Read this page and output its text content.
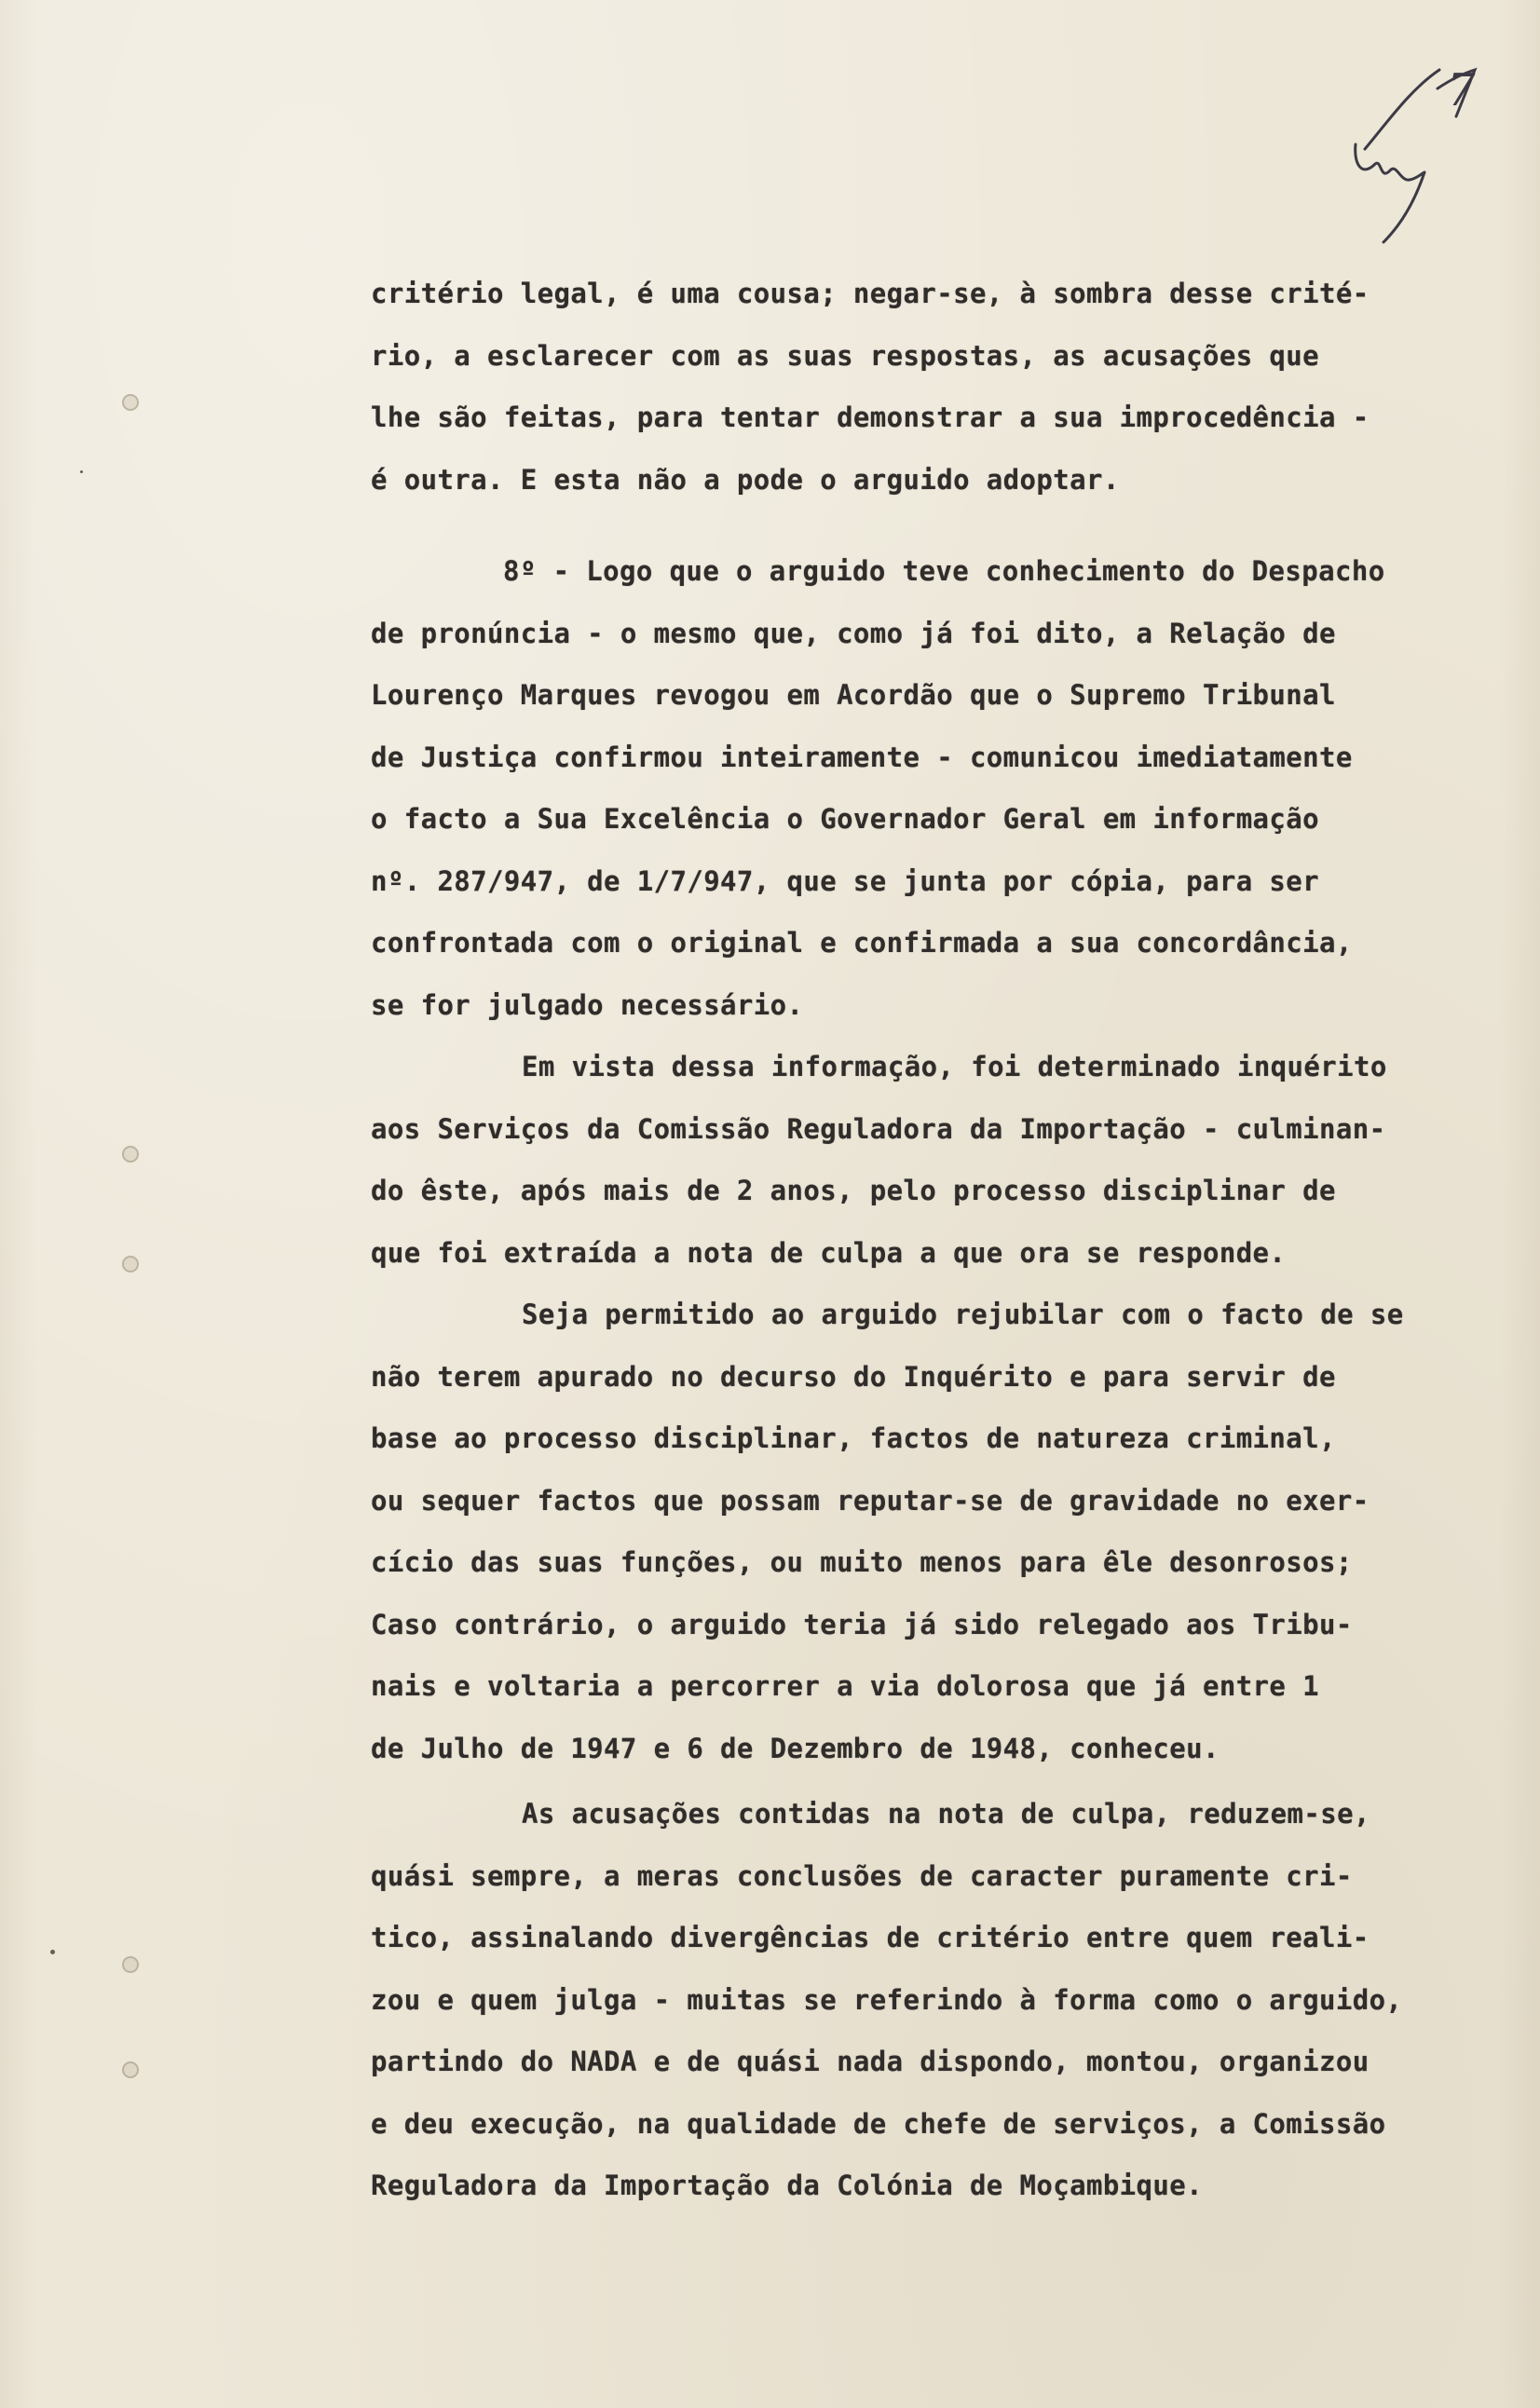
7
critério legal, é uma cousa; negar-se, à sombra desse crité-
rio, a esclarecer com as suas respostas, as acusações que
lhe são feitas, para tentar demonstrar a sua improcedência -
é outra. E esta não a pode o arguido adoptar.
8º - Logo que o arguido teve conhecimento do Despacho
de pronúncia - o mesmo que, como já foi dito, a Relação de
Lourenço Marques revogou em Acordão que o Supremo Tribunal
de Justiça confirmou inteiramente - comunicou imediatamente
o facto a Sua Excelência o Governador Geral em informação
nº. 287/947, de 1/7/947, que se junta por cópia, para ser
confrontada com o original e confirmada a sua concordância,
se for julgado necessário.
Em vista dessa informação, foi determinado inquérito
aos Serviços da Comissão Reguladora da Importação - culminan-
do êste, após mais de 2 anos, pelo processo disciplinar de
que foi extraída a nota de culpa a que ora se responde.
Seja permitido ao arguido rejubilar com o facto de se
não terem apurado no decurso do Inquérito e para servir de
base ao processo disciplinar, factos de natureza criminal,
ou sequer factos que possam reputar-se de gravidade no exer-
cício das suas funções, ou muito menos para êle desonrosos;
Caso contrário, o arguido teria já sido relegado aos Tribu-
nais e voltaria a percorrer a via dolorosa que já entre 1
de Julho de 1947 e 6 de Dezembro de 1948, conheceu.
As acusações contidas na nota de culpa, reduzem-se,
quási sempre, a meras conclusões de caracter puramente cri-
tico, assinalando divergências de critério entre quem reali-
zou e quem julga - muitas se referindo à forma como o arguido,
partindo do NADA e de quási nada dispondo, montou, organizou
e deu execução, na qualidade de chefe de serviços, a Comissão
Reguladora da Importação da Colónia de Moçambique.
